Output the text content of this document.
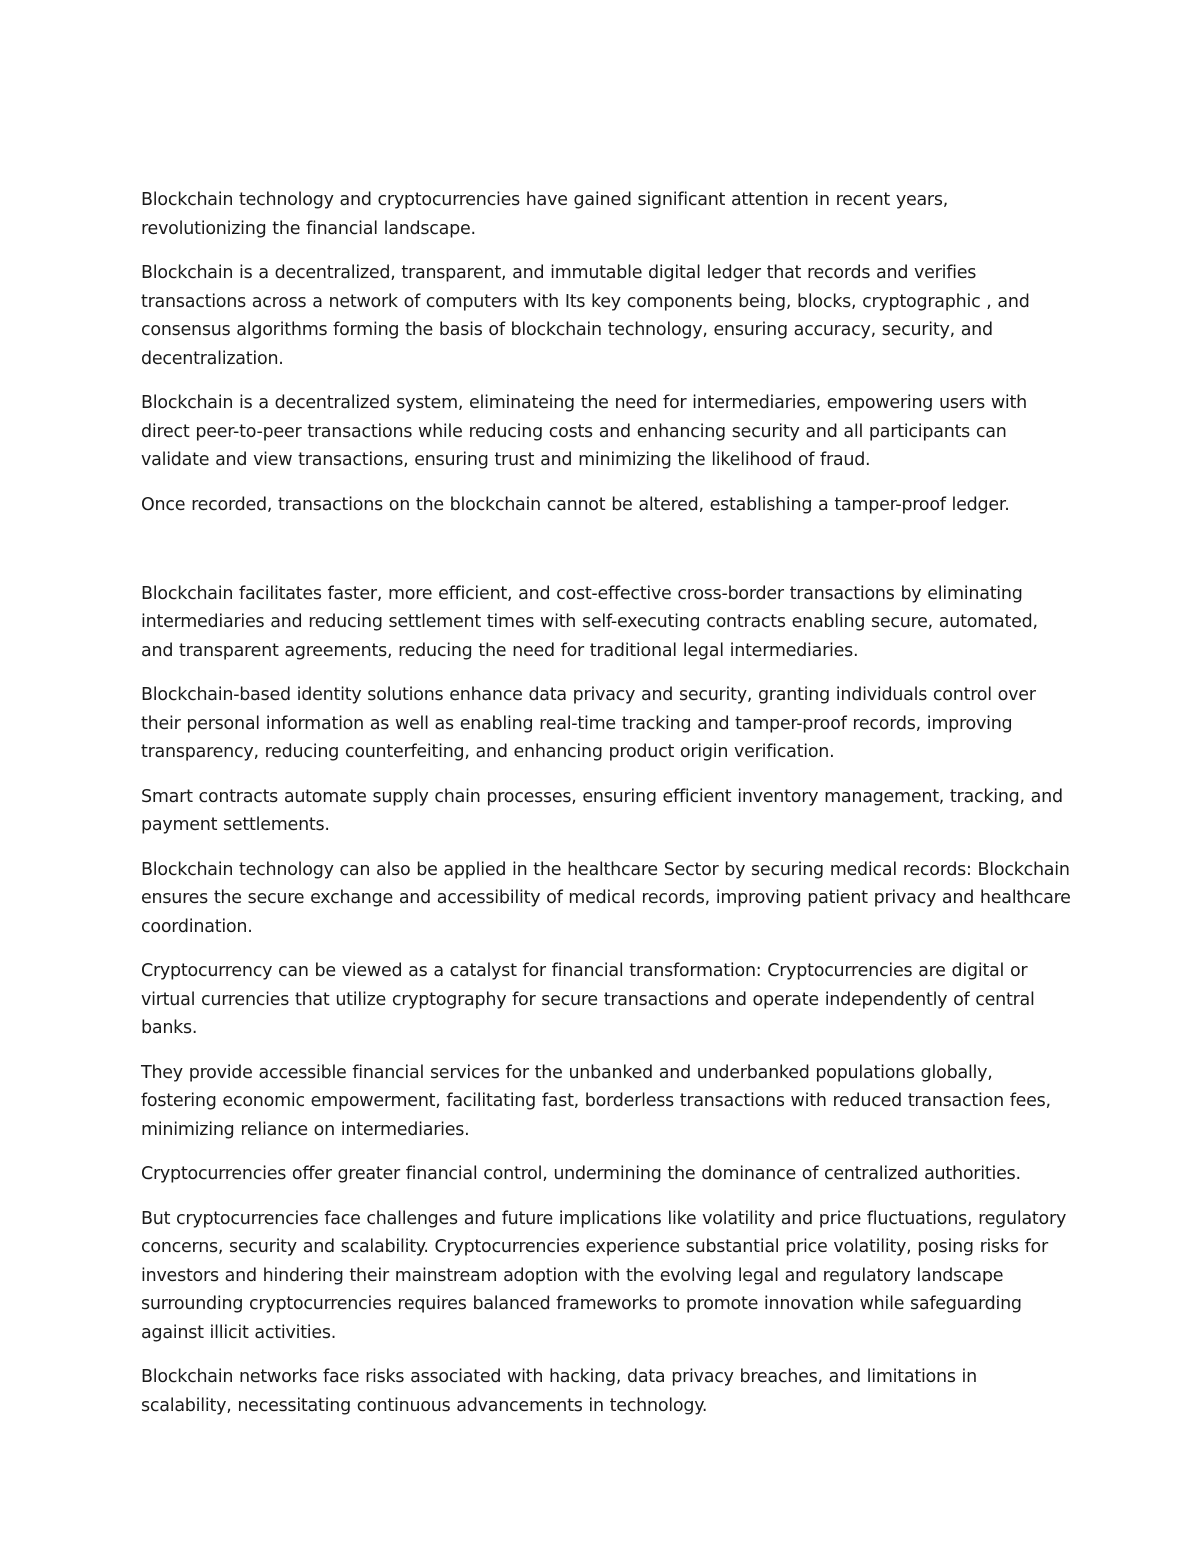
Blockchain technology and cryptocurrencies have gained significant attention in recent years, revolutionizing the financial landscape.

Blockchain is a decentralized, transparent, and immutable digital ledger that records and verifies transactions across a network of computers with Its key components being, blocks, cryptographic , and consensus algorithms forming the basis of blockchain technology, ensuring accuracy, security, and decentralization.

Blockchain is a decentralized system, eliminateing the need for intermediaries, empowering users with direct peer-to-peer transactions while reducing costs and enhancing security and all participants can validate and view transactions, ensuring trust and minimizing the likelihood of fraud.

Once recorded, transactions on the blockchain cannot be altered, establishing a tamper-proof ledger.

Blockchain facilitates faster, more efficient, and cost-effective cross-border transactions by eliminating intermediaries and reducing settlement times with self-executing contracts enabling secure, automated, and transparent agreements, reducing the need for traditional legal intermediaries.

Blockchain-based identity solutions enhance data privacy and security, granting individuals control over their personal information as well as enabling real-time tracking and tamper-proof records, improving transparency, reducing counterfeiting, and enhancing product origin verification.

Smart contracts automate supply chain processes, ensuring efficient inventory management, tracking, and payment settlements.

Blockchain technology can also be applied in the healthcare Sector by securing medical records: Blockchain ensures the secure exchange and accessibility of medical records, improving patient privacy and healthcare coordination.

Cryptocurrency can be viewed as a catalyst for financial transformation: Cryptocurrencies are digital or virtual currencies that utilize cryptography for secure transactions and operate independently of central banks.

They provide accessible financial services for the unbanked and underbanked populations globally, fostering economic empowerment, facilitating fast, borderless transactions with reduced transaction fees, minimizing reliance on intermediaries.

Cryptocurrencies offer greater financial control, undermining the dominance of centralized authorities.

But cryptocurrencies face challenges and future implications like volatility and price fluctuations, regulatory concerns, security and scalability. Cryptocurrencies experience substantial price volatility, posing risks for investors and hindering their mainstream adoption with the evolving legal and regulatory landscape surrounding cryptocurrencies requires balanced frameworks to promote innovation while safeguarding against illicit activities.

Blockchain networks face risks associated with hacking, data privacy breaches, and limitations in scalability, necessitating continuous advancements in technology.
